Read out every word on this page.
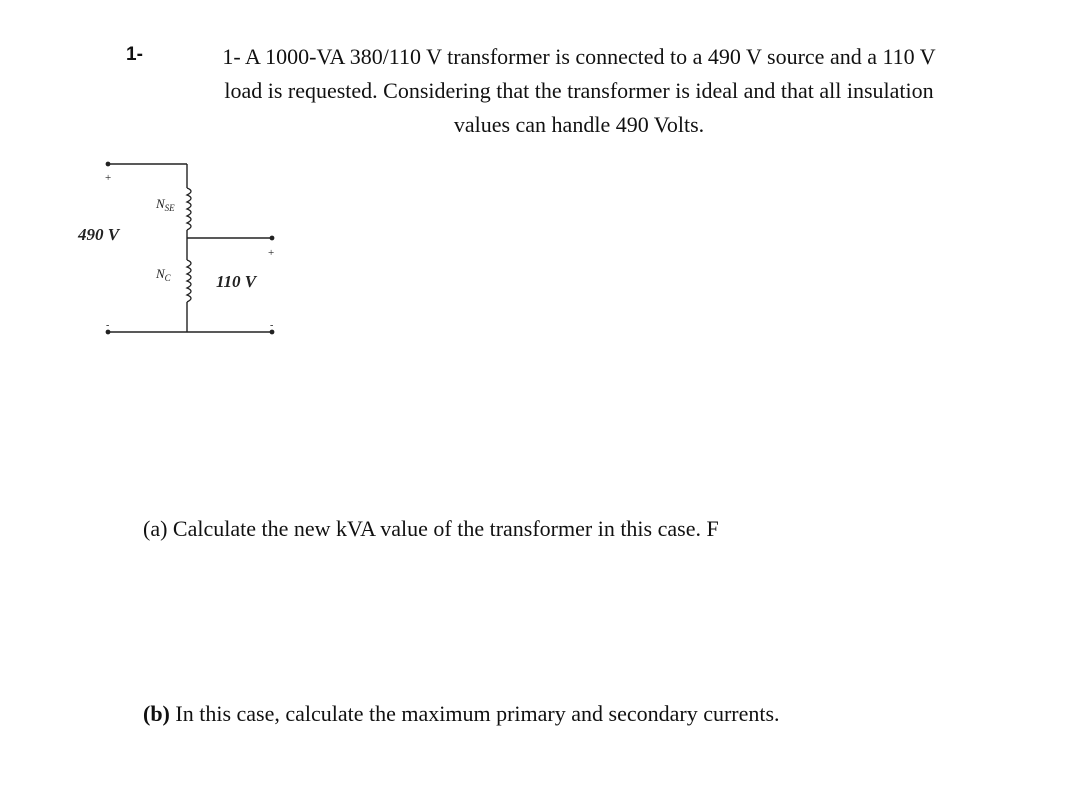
1-	1- A 1000-VA 380/110 V transformer is connected to a 490 V source and a 110 V
load is requested. Considering that the transformer is ideal and that all insulation
values can handle 490 Volts.
+
$N_{SE}$
+
$N_C$
-	-
490 V
110 V
(a) Calculate the new kVA value of the transformer in this case. F
(b) In this case, calculate the maximum primary and secondary currents.
